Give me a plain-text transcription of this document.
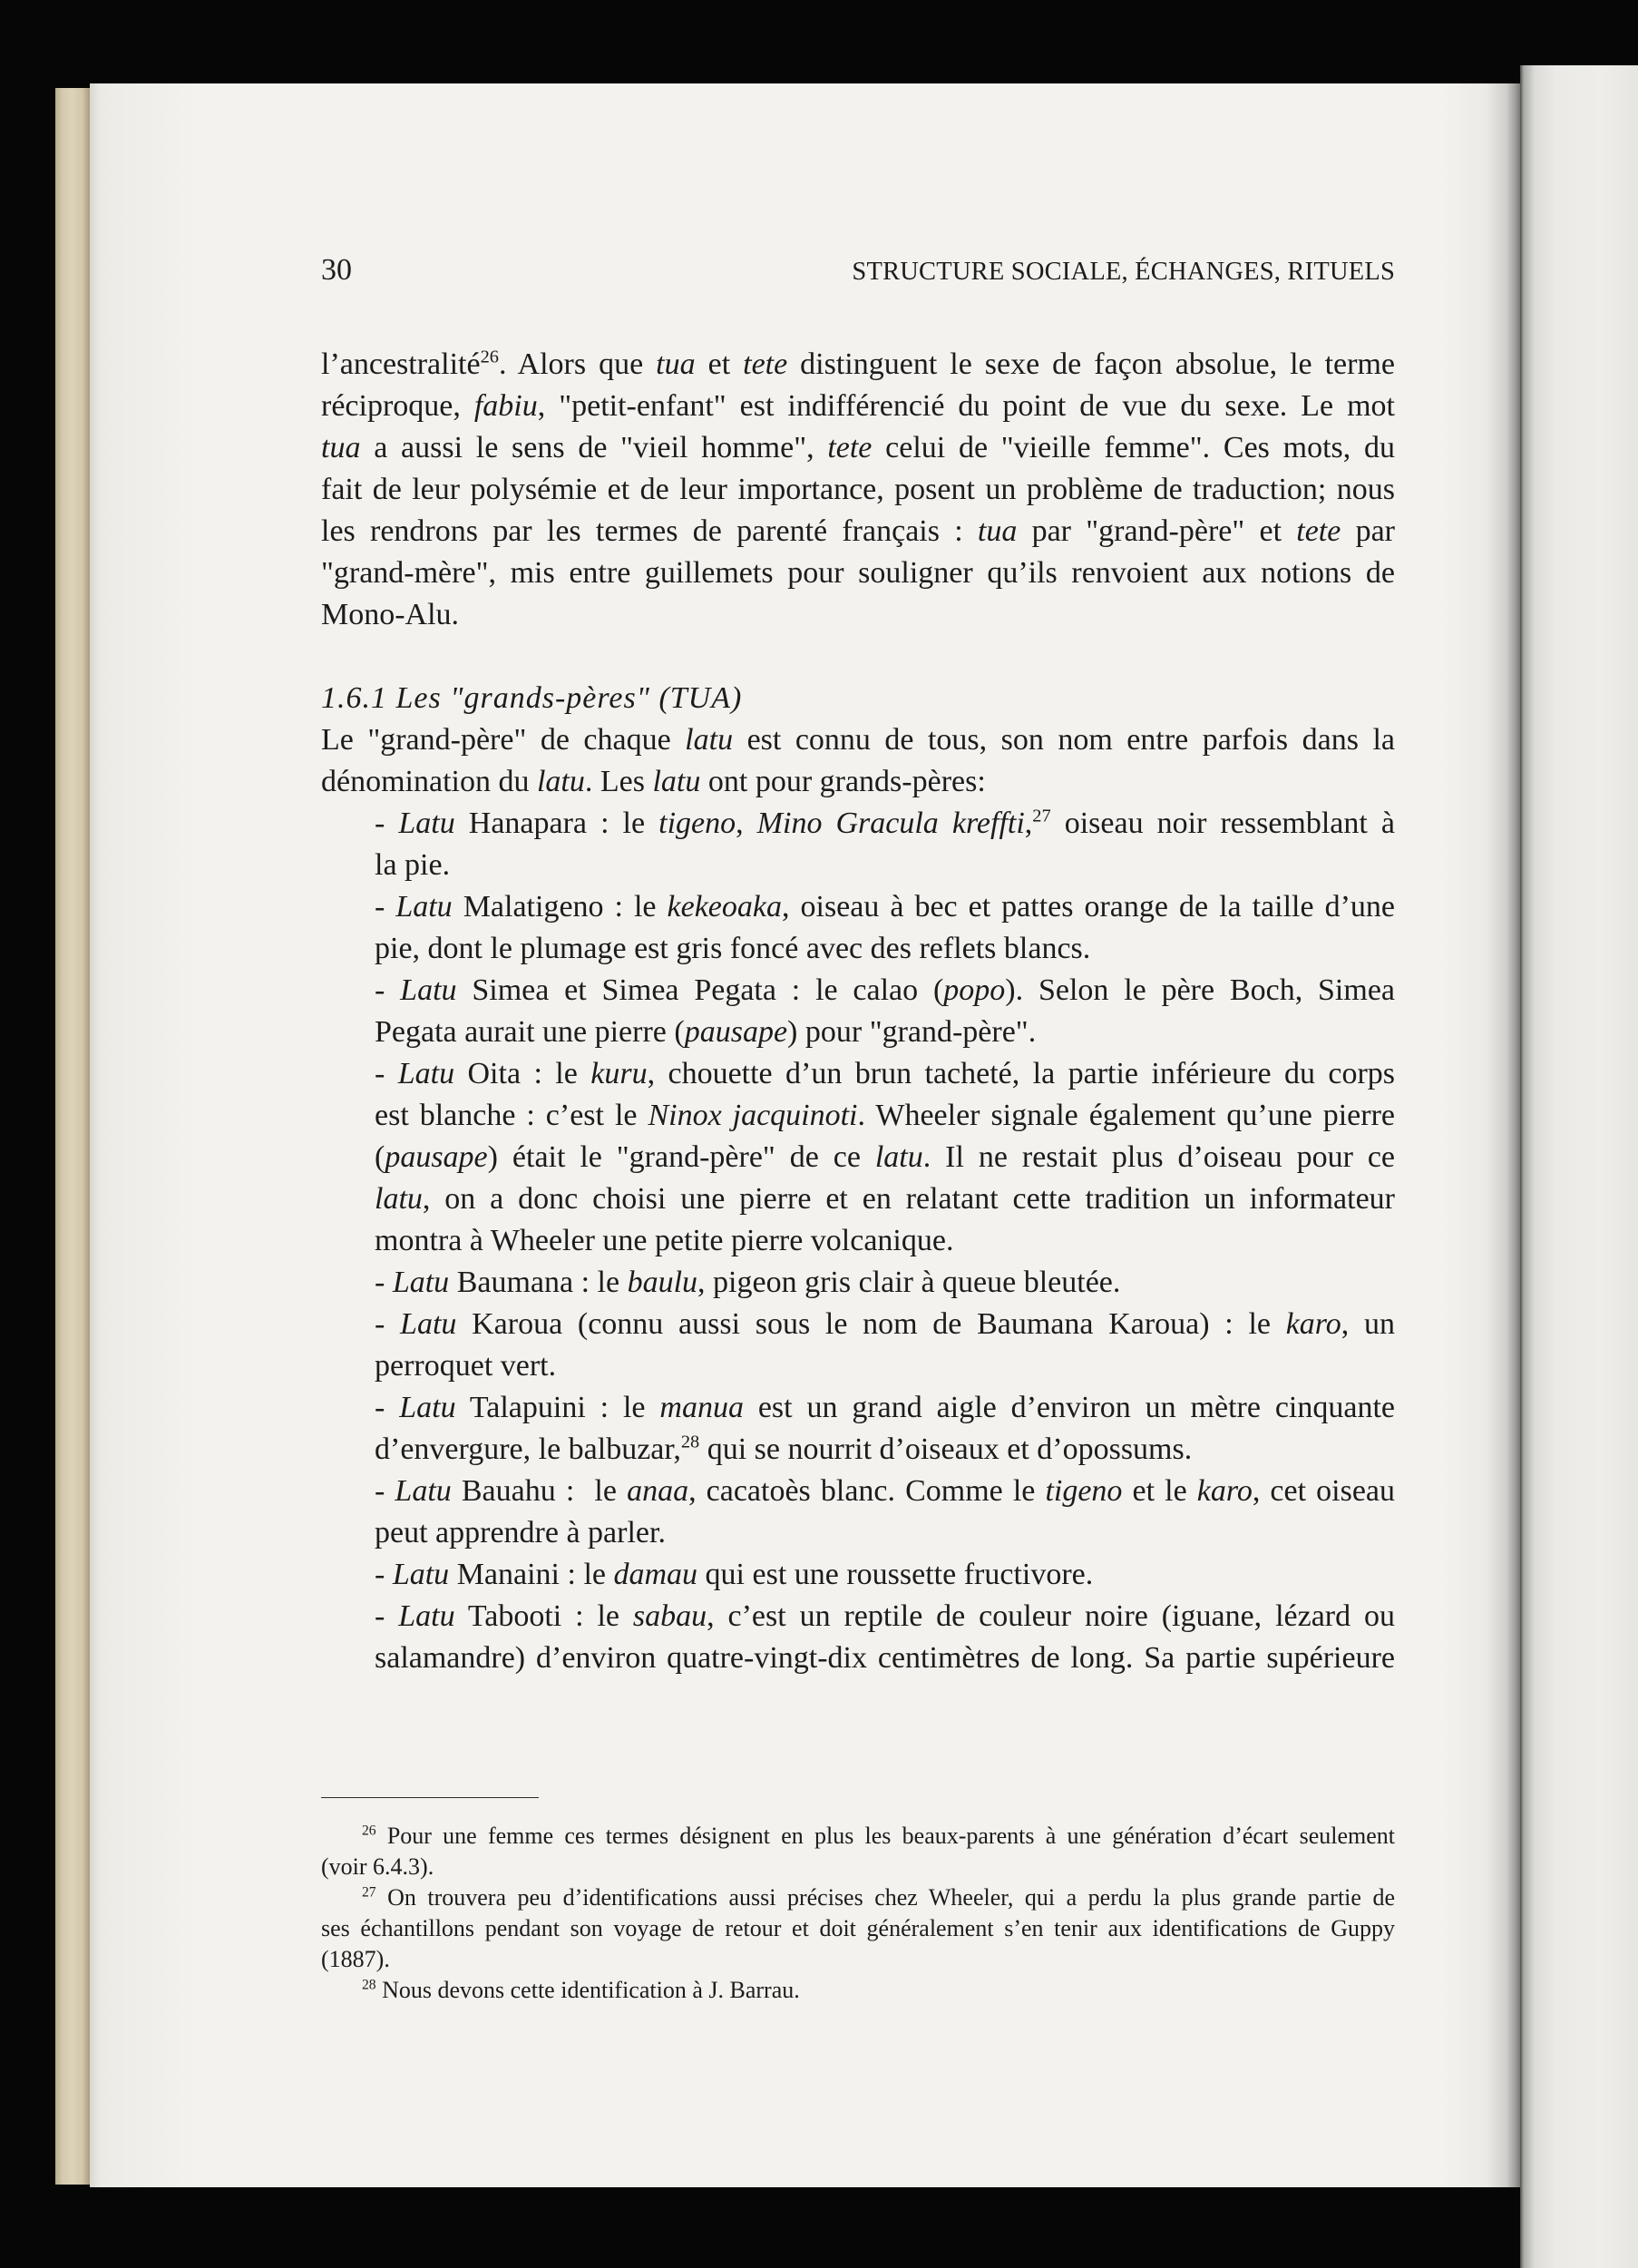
30	STRUCTURE SOCIALE, ÉCHANGES, RITUELS
l’ancestralité$^{26}$. Alors que tua et tete distinguent le sexe de façon absolue, le terme
réciproque, fabiu, "petit-enfant" est indifférencié du point de vue du sexe. Le mot
tua a aussi le sens de "vieil homme", tete celui de "vieille femme". Ces mots, du
fait de leur polysémie et de leur importance, posent un problème de traduction; nous
les rendrons par les termes de parenté français : tua par "grand-père" et tete par
"grand-mère", mis entre guillemets pour souligner qu’ils renvoient aux notions de
Mono-Alu.
1.6.1 Les "grands-pères" (TUA)
Le "grand-père" de chaque latu est connu de tous, son nom entre parfois dans la
dénomination du latu. Les latu ont pour grands-pères:
- Latu Hanapara : le tigeno, Mino Gracula kreffti,$^{27}$ oiseau noir ressemblant à
la pie.
- Latu Malatigeno : le kekeoaka, oiseau à bec et pattes orange de la taille d’une
pie, dont le plumage est gris foncé avec des reflets blancs.
- Latu Simea et Simea Pegata : le calao (popo). Selon le père Boch, Simea
Pegata aurait une pierre (pausape) pour "grand-père".
- Latu Oita : le kuru, chouette d’un brun tacheté, la partie inférieure du corps
est blanche : c’est le Ninox jacquinoti. Wheeler signale également qu’une pierre
(pausape) était le "grand-père" de ce latu. Il ne restait plus d’oiseau pour ce
latu, on a donc choisi une pierre et en relatant cette tradition un informateur
montra à Wheeler une petite pierre volcanique.
- Latu Baumana : le baulu, pigeon gris clair à queue bleutée.
- Latu Karoua (connu aussi sous le nom de Baumana Karoua) : le karo, un
perroquet vert.
- Latu Talapuini : le manua est un grand aigle d’environ un mètre cinquante
d’envergure, le balbuzar,$^{28}$ qui se nourrit d’oiseaux et d’opossums.
- Latu Bauahu :  le anaa, cacatoès blanc. Comme le tigeno et le karo, cet oiseau
peut apprendre à parler.
- Latu Manaini : le damau qui est une roussette fructivore.
- Latu Tabooti : le sabau, c’est un reptile de couleur noire (iguane, lézard ou
salamandre) d’environ quatre-vingt-dix centimètres de long. Sa partie supérieure
$^{26}$ Pour une femme ces termes désignent en plus les beaux-parents à une génération d’écart seulement
(voir 6.4.3).
$^{27}$ On trouvera peu d’identifications aussi précises chez Wheeler, qui a perdu la plus grande partie de
ses échantillons pendant son voyage de retour et doit généralement s’en tenir aux identifications de Guppy
(1887).
$^{28}$ Nous devons cette identification à J. Barrau.
